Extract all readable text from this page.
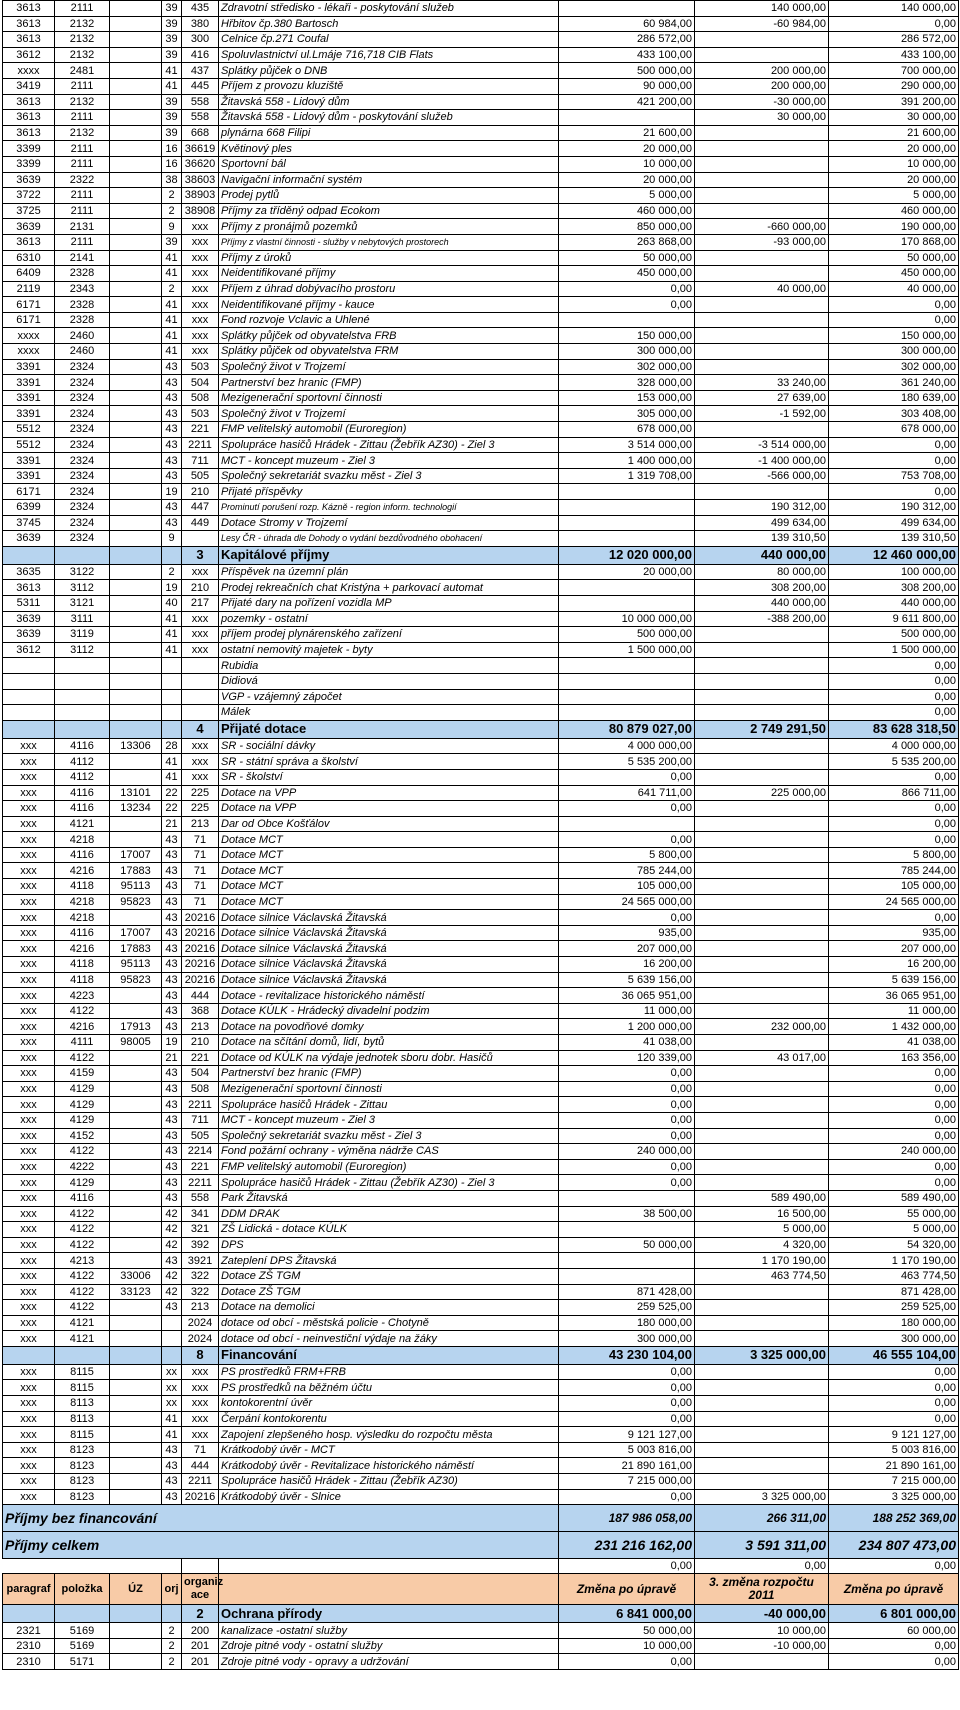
3613	2111		39	435	Zdravotní středisko - lékaři - poskytování služeb		140 000,00	140 000,00
3613	2132		39	380	Hřbitov čp.380 Bartosch	60 984,00	-60 984,00	0,00
3613	2132		39	300	Celnice čp.271 Coufal	286 572,00		286 572,00
3612	2132		39	416	Spoluvlastnictví ul.Lmáje 716,718 CIB Flats	433 100,00		433 100,00
xxxx	2481		41	437	Splátky půjček o DNB	500 000,00	200 000,00	700 000,00
3419	2111		41	445	Příjem z provozu kluziště	90 000,00	200 000,00	290 000,00
3613	2132		39	558	Žitavská 558 - Lidový dům	421 200,00	-30 000,00	391 200,00
3613	2111		39	558	Žitavská 558 - Lidový dům - poskytování služeb		30 000,00	30 000,00
3613	2132		39	668	plynárna 668 Filipi	21 600,00		21 600,00
3399	2111		16	36619	Květinový ples	20 000,00		20 000,00
3399	2111		16	36620	Sportovní bál	10 000,00		10 000,00
3639	2322		38	38603	Navigační informační systém	20 000,00		20 000,00
3722	2111		2	38903	Prodej pytlů	5 000,00		5 000,00
3725	2111		2	38908	Příjmy za tříděný odpad Ecokom	460 000,00		460 000,00
3639	2131		9	xxx	Příjmy z pronájmů pozemků	850 000,00	-660 000,00	190 000,00
3613	2111		39	xxx	Příjmy z vlastní činnosti - služby v nebytových prostorech	263 868,00	-93 000,00	170 868,00
6310	2141		41	xxx	Příjmy z úroků	50 000,00		50 000,00
6409	2328		41	xxx	Neidentifikované příjmy	450 000,00		450 000,00
2119	2343		2	xxx	Příjem z úhrad dobývacího prostoru	0,00	40 000,00	40 000,00
6171	2328		41	xxx	Neidentifikované příjmy - kauce	0,00		0,00
6171	2328		41	xxx	Fond rozvoje Vclavic a Uhlené			0,00
xxxx	2460		41	xxx	Splátky půjček od obyvatelstva FRB	150 000,00		150 000,00
xxxx	2460		41	xxx	Splátky půjček od obyvatelstva FRM	300 000,00		300 000,00
3391	2324		43	503	Společný život v Trojzemí	302 000,00		302 000,00
3391	2324		43	504	Partnerství bez hranic (FMP)	328 000,00	33 240,00	361 240,00
3391	2324		43	508	Mezigenerační sportovní činnosti	153 000,00	27 639,00	180 639,00
3391	2324		43	503	Společný život v Trojzemí	305 000,00	-1 592,00	303 408,00
5512	2324		43	221	FMP velitelský automobil (Euroregion)	678 000,00		678 000,00
5512	2324		43	2211	Spolupráce hasičů Hrádek - Zittau (Žebřík AZ30) - Ziel 3	3 514 000,00	-3 514 000,00	0,00
3391	2324		43	711	MCT - koncept muzeum - Ziel 3	1 400 000,00	-1 400 000,00	0,00
3391	2324		43	505	Společný sekretariát svazku měst - Ziel 3	1 319 708,00	-566 000,00	753 708,00
6171	2324		19	210	Přijaté příspěvky			0,00
6399	2324		43	447	Prominutí porušení rozp. Kázně - region inform. technologií		190 312,00	190 312,00
3745	2324		43	449	Dotace Stromy v Trojzemí		499 634,00	499 634,00
3639	2324		9		Lesy ČR - úhrada dle Dohody o vydání bezdůvodného obohacení		139 310,50	139 310,50
				3	Kapitálové příjmy	12 020 000,00	440 000,00	12 460 000,00
3635	3122		2	xxx	Příspěvek na územní plán	20 000,00	80 000,00	100 000,00
3613	3112		19	210	Prodej rekreačních chat Kristýna + parkovací automat		308 200,00	308 200,00
5311	3121		40	217	Přijaté dary na pořízení vozidla MP		440 000,00	440 000,00
3639	3111		41	xxx	pozemky - ostatní	10 000 000,00	-388 200,00	9 611 800,00
3639	3119		41	xxx	příjem prodej plynárenského zařízení	500 000,00		500 000,00
3612	3112		41	xxx	ostatní nemovitý majetek - byty	1 500 000,00		1 500 000,00
					Rubidia			0,00
					Didiová			0,00
					VGP - vzájemný zápočet			0,00
					Málek			0,00
				4	Přijaté dotace	80 879 027,00	2 749 291,50	83 628 318,50
xxx	4116	13306	28	xxx	SR - sociální dávky	4 000 000,00		4 000 000,00
xxx	4112		41	xxx	SR - státní správa a školství	5 535 200,00		5 535 200,00
xxx	4112		41	xxx	SR - školství	0,00		0,00
xxx	4116	13101	22	225	Dotace na VPP	641 711,00	225 000,00	866 711,00
xxx	4116	13234	22	225	Dotace na VPP	0,00		0,00
xxx	4121		21	213	Dar od Obce Košťálov			0,00
xxx	4218		43	71	Dotace MCT	0,00		0,00
xxx	4116	17007	43	71	Dotace MCT	5 800,00		5 800,00
xxx	4216	17883	43	71	Dotace MCT	785 244,00		785 244,00
xxx	4118	95113	43	71	Dotace MCT	105 000,00		105 000,00
xxx	4218	95823	43	71	Dotace MCT	24 565 000,00		24 565 000,00
xxx	4218		43	20216	Dotace silnice Václavská Žitavská	0,00		0,00
xxx	4116	17007	43	20216	Dotace silnice Václavská Žitavská	935,00		935,00
xxx	4216	17883	43	20216	Dotace silnice Václavská Žitavská	207 000,00		207 000,00
xxx	4118	95113	43	20216	Dotace silnice Václavská Žitavská	16 200,00		16 200,00
xxx	4118	95823	43	20216	Dotace silnice Václavská Žitavská	5 639 156,00		5 639 156,00
xxx	4223		43	444	Dotace - revitalizace historického náměstí	36 065 951,00		36 065 951,00
xxx	4122		43	368	Dotace KÚLK - Hrádecký divadelní podzim	11 000,00		11 000,00
xxx	4216	17913	43	213	Dotace na povodňové domky	1 200 000,00	232 000,00	1 432 000,00
xxx	4111	98005	19	210	Dotace na sčítání domů, lidí, bytů	41 038,00		41 038,00
xxx	4122		21	221	Dotace od KÚLK na výdaje jednotek sboru dobr. Hasičů	120 339,00	43 017,00	163 356,00
xxx	4159		43	504	Partnerství bez hranic (FMP)	0,00		0,00
xxx	4129		43	508	Mezigenerační sportovní činnosti	0,00		0,00
xxx	4129		43	2211	Spolupráce hasičů Hrádek - Zittau	0,00		0,00
xxx	4129		43	711	MCT - koncept muzeum - Ziel 3	0,00		0,00
xxx	4152		43	505	Společný sekretariát svazku měst - Ziel 3	0,00		0,00
xxx	4122		43	2214	Fond požární ochrany - výměna nádrže CAS	240 000,00		240 000,00
xxx	4222		43	221	FMP velitelský automobil (Euroregion)	0,00		0,00
xxx	4129		43	2211	Spolupráce hasičů Hrádek - Zittau (Žebřík AZ30) - Ziel 3	0,00		0,00
xxx	4116		43	558	Park Žitavská		589 490,00	589 490,00
xxx	4122		42	341	DDM DRAK	38 500,00	16 500,00	55 000,00
xxx	4122		42	321	ZŠ Lidická - dotace KÚLK		5 000,00	5 000,00
xxx	4122		42	392	DPS	50 000,00	4 320,00	54 320,00
xxx	4213		43	3921	Zateplení DPS Žitavská		1 170 190,00	1 170 190,00
xxx	4122	33006	42	322	Dotace ZŠ TGM		463 774,50	463 774,50
xxx	4122	33123	42	322	Dotace ZŠ TGM	871 428,00		871 428,00
xxx	4122		43	213	Dotace na demolici	259 525,00		259 525,00
xxx	4121			2024	dotace od obcí - městská policie - Chotyně	180 000,00		180 000,00
xxx	4121			2024	dotace od obcí - neinvestiční výdaje na žáky	300 000,00		300 000,00
				8	Financování	43 230 104,00	3 325 000,00	46 555 104,00
xxx	8115		xx	xxx	PS prostředků FRM+FRB	0,00		0,00
xxx	8115		xx	xxx	PS prostředků na běžném účtu	0,00		0,00
xxx	8113		xx	xxx	kontokorentní úvěr	0,00		0,00
xxx	8113		41	xxx	Čerpání kontokorentu	0,00		0,00
xxx	8115		41	xxx	Zapojení zlepšeného hosp. výsledku do rozpočtu města	9 121 127,00		9 121 127,00
xxx	8123		43	71	Krátkodobý úvěr - MCT	5 003 816,00		5 003 816,00
xxx	8123		43	444	Krátkodobý úvěr - Revitalizace historického náměstí	21 890 161,00		21 890 161,00
xxx	8123		43	2211	Spolupráce hasičů Hrádek - Zittau (Žebřík AZ30)	7 215 000,00		7 215 000,00
xxx	8123		43	20216	Krátkodobý úvěr - Slnice	0,00	3 325 000,00	3 325 000,00
Příjmy bez financování						187 986 058,00	266 311,00	188 252 369,00
Příjmy celkem						231 216 162,00	3 591 311,00	234 807 473,00
						0,00	0,00	0,00
paragraf	položka	ÚZ	orj	organiz ace		Změna po úpravě	3. změna rozpočtu 2011	Změna po úpravě
				2	Ochrana přírody	6 841 000,00	-40 000,00	6 801 000,00
2321	5169		2	200	kanalizace -ostatní služby	50 000,00	10 000,00	60 000,00
2310	5169		2	201	Zdroje pitné vody - ostatní služby	10 000,00	-10 000,00	0,00
2310	5171		2	201	Zdroje pitné vody - opravy a udržování	0,00		0,00
